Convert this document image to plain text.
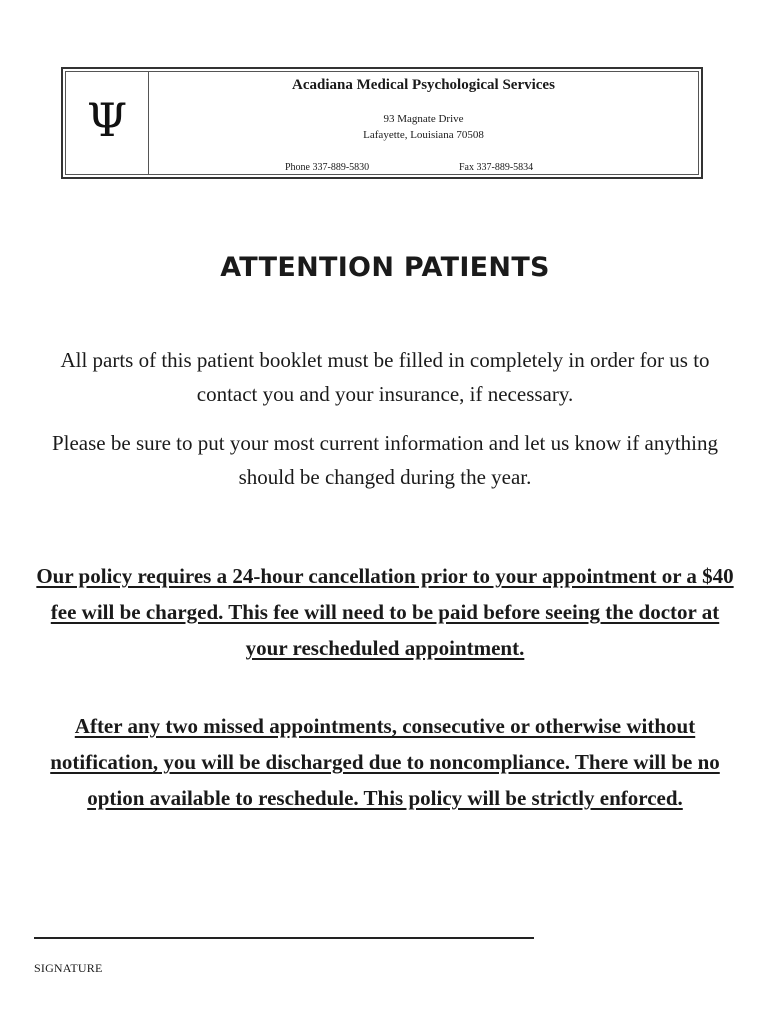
Ψ
Acadiana Medical Psychological Services
93 Magnate Drive
Lafayette, Louisiana 70508
Phone 337-889-5830	Fax 337-889-5834
ATTENTION PATIENTS
All parts of this patient booklet must be filled in completely in order for us to contact you and your insurance, if necessary.
Please be sure to put your most current information and let us know if anything should be changed during the year.
Our policy requires a 24-hour cancellation prior to your appointment or a $40 fee will be charged. This fee will need to be paid before seeing the doctor at your rescheduled appointment.
After any two missed appointments, consecutive or otherwise without notification, you will be discharged due to noncompliance. There will be no option available to reschedule. This policy will be strictly enforced.
SIGNATURE
